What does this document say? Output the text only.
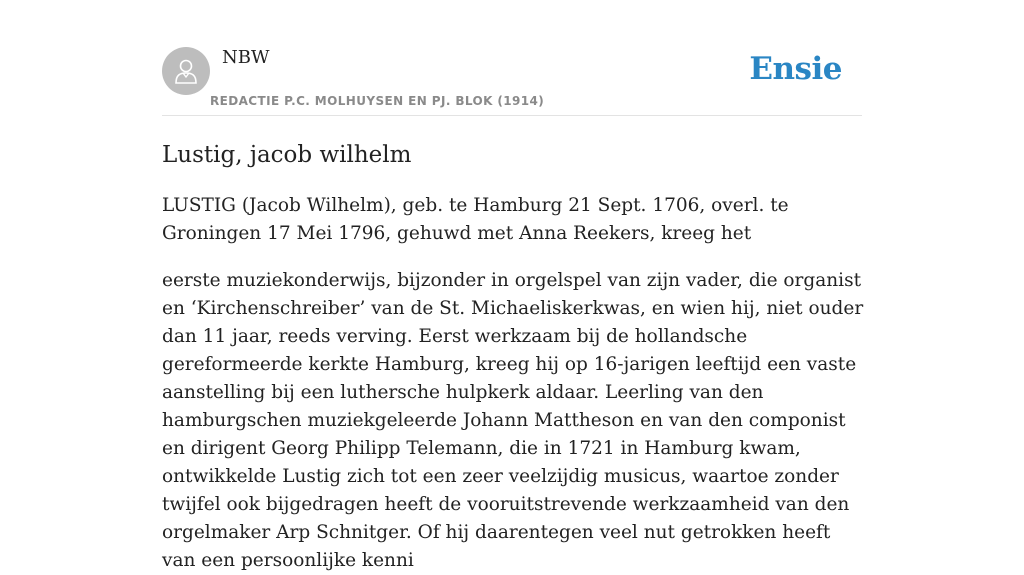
NBW
REDACTIE P.C. MOLHUYSEN EN PJ. BLOK (1914)
Ensie
Lustig, jacob wilhelm

LUSTIG (Jacob Wilhelm), geb. te Hamburg 21 Sept. 1706, overl. te Groningen 17 Mei 1796, gehuwd met Anna Reekers, kreeg het

eerste muziekonderwijs, bijzonder in orgelspel van zijn vader, die organist en ‘Kirchenschreiber’ van de St. Michaeliskerkwas, en wien hij, niet ouder dan 11 jaar, reeds verving. Eerst werkzaam bij de hollandsche gereformeerde kerkte Hamburg, kreeg hij op 16-jarigen leeftijd een vaste aanstelling bij een luthersche hulpkerk aldaar. Leerling van den hamburgschen muziekgeleerde Johann Mattheson en van den componist en dirigent Georg Philipp Telemann, die in 1721 in Hamburg kwam, ontwikkelde Lustig zich tot een zeer veelzijdig musicus, waartoe zonder twijfel ook bijgedragen heeft de vooruitstrevende werkzaamheid van den orgelmaker Arp Schnitger. Of hij daarentegen veel nut getrokken heeft van een persoonlijke kenni
